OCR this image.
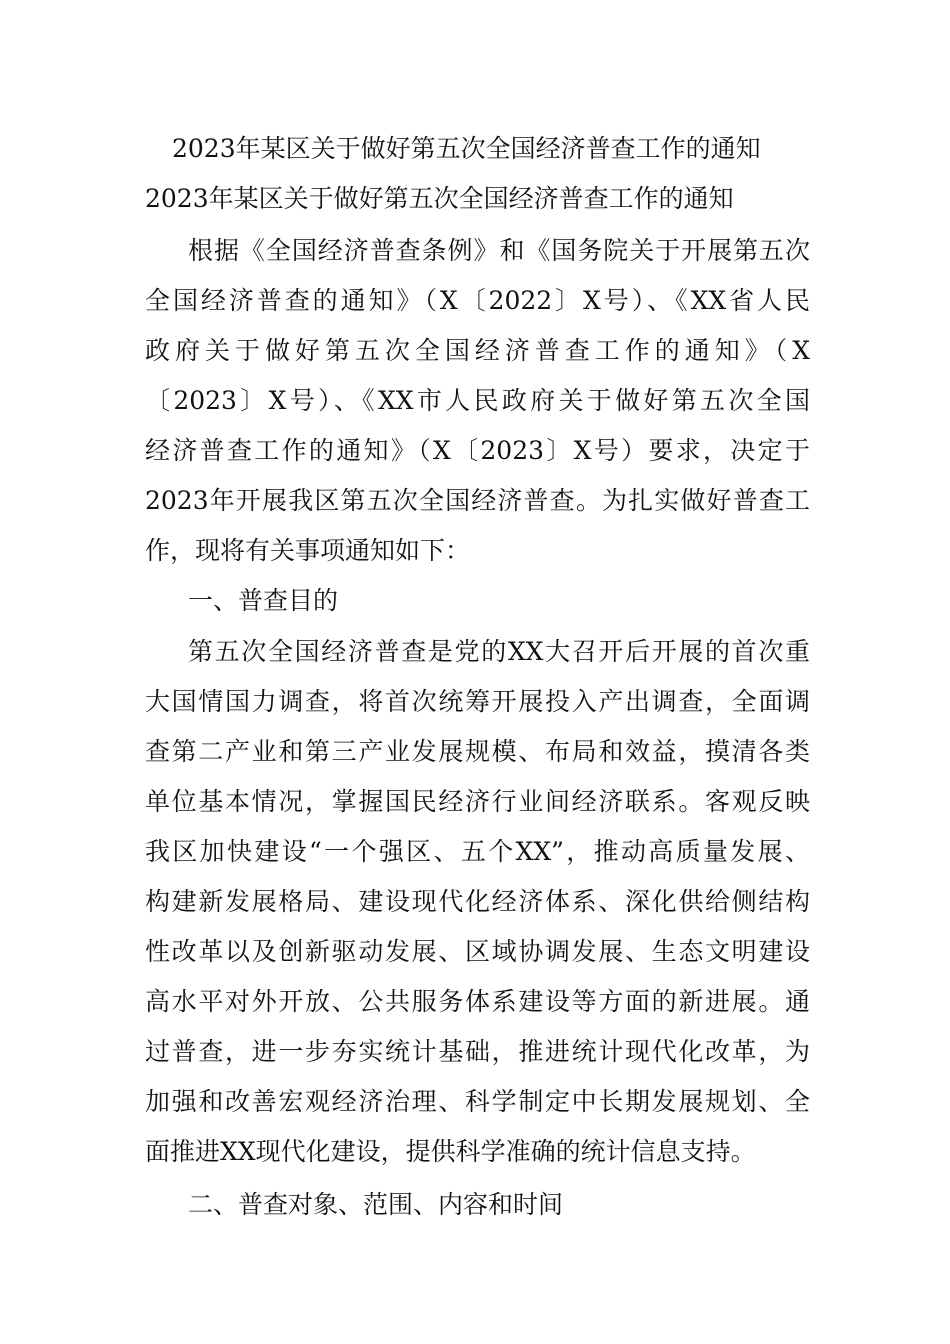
2023年某区关于做好第五次全国经济普查工作的通知
2023年某区关于做好第五次全国经济普查工作的通知
根据《全国经济普查条例》和《国务院关于开展第五次
全国经济普查的通知》（X〔2022〕X号）、《XX省人民
政府关于做好第五次全国经济普查工作的通知》（X
〔2023〕X号）、《XX市人民政府关于做好第五次全国
经济普查工作的通知》（X〔2023〕X号）要求，决定于
2023年开展我区第五次全国经济普查。为扎实做好普查工
作，现将有关事项通知如下：
一、普查目的
第五次全国经济普查是党的XX大召开后开展的首次重
大国情国力调查，将首次统筹开展投入产出调查，全面调
查第二产业和第三产业发展规模、布局和效益，摸清各类
单位基本情况，掌握国民经济行业间经济联系。客观反映
我区加快建设“一个强区、五个XX”，推动高质量发展、
构建新发展格局、建设现代化经济体系、深化供给侧结构
性改革以及创新驱动发展、区域协调发展、生态文明建设
高水平对外开放、公共服务体系建设等方面的新进展。通
过普查，进一步夯实统计基础，推进统计现代化改革，为
加强和改善宏观经济治理、科学制定中长期发展规划、全
面推进XX现代化建设，提供科学准确的统计信息支持。
二、普查对象、范围、内容和时间
